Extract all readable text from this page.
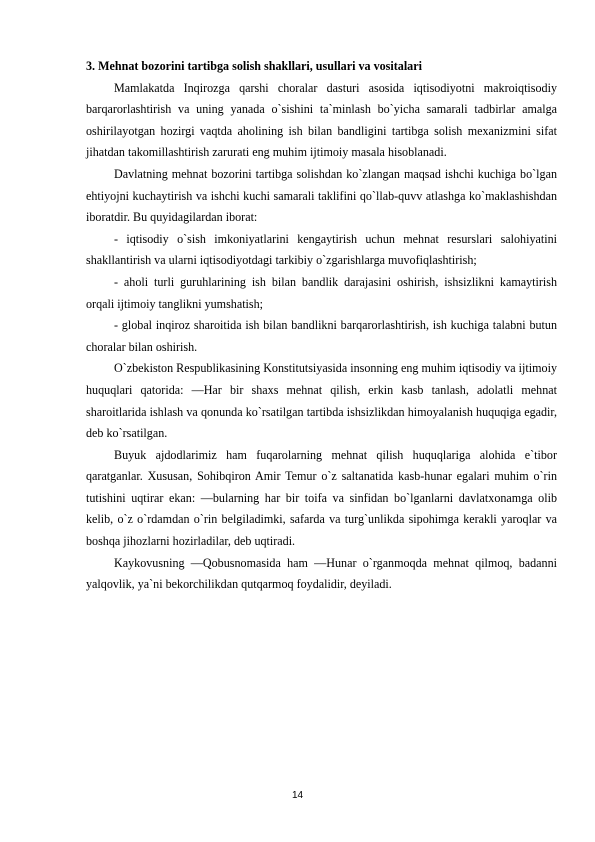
3. Mehnat bozorini tartibga solish shakllari, usullari va vositalari

Mamlakatda Inqirozga qarshi choralar dasturi asosida iqtisodiyotni makroiqtisodiy barqarorlashtirish va uning yanada o`sishini ta`minlash bo`yicha samarali tadbirlar amalga oshirilayotgan hozirgi vaqtda aholining ish bilan bandligini tartibga solish mexanizmini sifat jihatdan takomillashtirish zarurati eng muhim ijtimoiy masala hisoblanadi.

Davlatning mehnat bozorini tartibga solishdan ko`zlangan maqsad ishchi kuchiga bo`lgan ehtiyojni kuchaytirish va ishchi kuchi samarali taklifini qo`llab-quvv atlashga ko`maklashishdan iboratdir. Bu quyidagilardan iborat:

- iqtisodiy o`sish imkoniyatlarini kengaytirish uchun mehnat resurslari salohiyatini shakllantirish va ularni iqtisodiyotdagi tarkibiy o`zgarishlarga muvofiqlashtirish;

- aholi turli guruhlarining ish bilan bandlik darajasini oshirish, ishsizlikni kamaytirish orqali ijtimoiy tanglikni yumshatish;

- global inqiroz sharoitida ish bilan bandlikni barqarorlashtirish, ish kuchiga talabni butun choralar bilan oshirish.

O`zbekiston Respublikasining Konstitutsiyasida insonning eng muhim iqtisodiy va ijtimoiy huquqlari qatorida: ―Har bir shaxs mehnat qilish, erkin kasb tanlash, adolatli mehnat sharoitlarida ishlash va qonunda ko`rsatilgan tartibda ishsizlikdan himoyalanish huquqiga egadir, deb ko`rsatilgan.

Buyuk ajdodlarimiz ham fuqarolarning mehnat qilish huquqlariga alohida e`tibor qaratganlar. Xususan, Sohibqiron Amir Temur o`z saltanatida kasb-hunar egalari muhim o`rin tutishini uqtirar ekan: ―bularning har bir toifa va sinfidan bo`lganlarni davlatxonamga olib kelib, o`z o`rdamdan o`rin belgiladimki, safarda va turg`unlikda sipohimga kerakli yaroqlar va boshqa jihozlarni hozirladilar, deb uqtiradi.

Kaykovusning ―Qobusnomasida ham ―Hunar o`rganmoqda mehnat qilmoq, badanni yalqovlik, ya`ni bekorchilikdan qutqarmoq foydalidir, deyiladi.

14
